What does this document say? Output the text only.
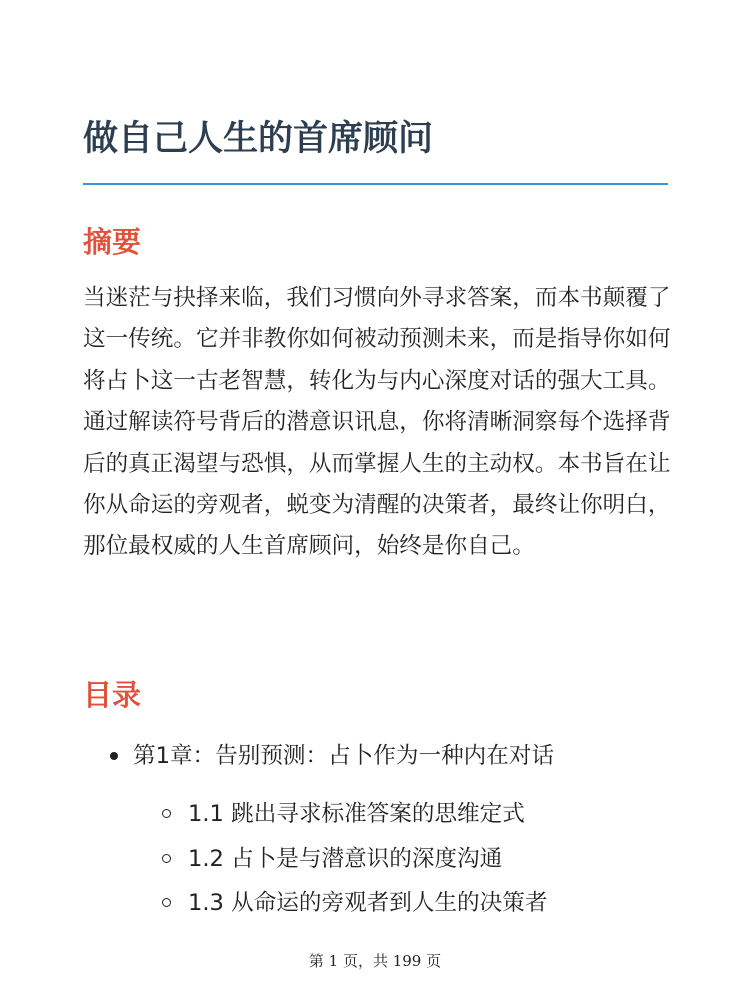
做自己人生的首席顾问
摘要

当迷茫与抉择来临，我们习惯向外寻求答案，而本书颠覆了这一传统。它并非教你如何被动预测未来，而是指导你如何将占卜这一古老智慧，转化为与内心深度对话的强大工具。通过解读符号背后的潜意识讯息，你将清晰洞察每个选择背后的真正渴望与恐惧，从而掌握人生的主动权。本书旨在让你从命运的旁观者，蜕变为清醒的决策者，最终让你明白，那位最权威的人生首席顾问，始终是你自己。

目录
第1章：告别预测：占卜作为一种内在对话
1.1 跳出寻求标准答案的思维定式
1.2 占卜是与潜意识的深度沟通
1.3 从命运的旁观者到人生的决策者
第 1 页，共 199 页
